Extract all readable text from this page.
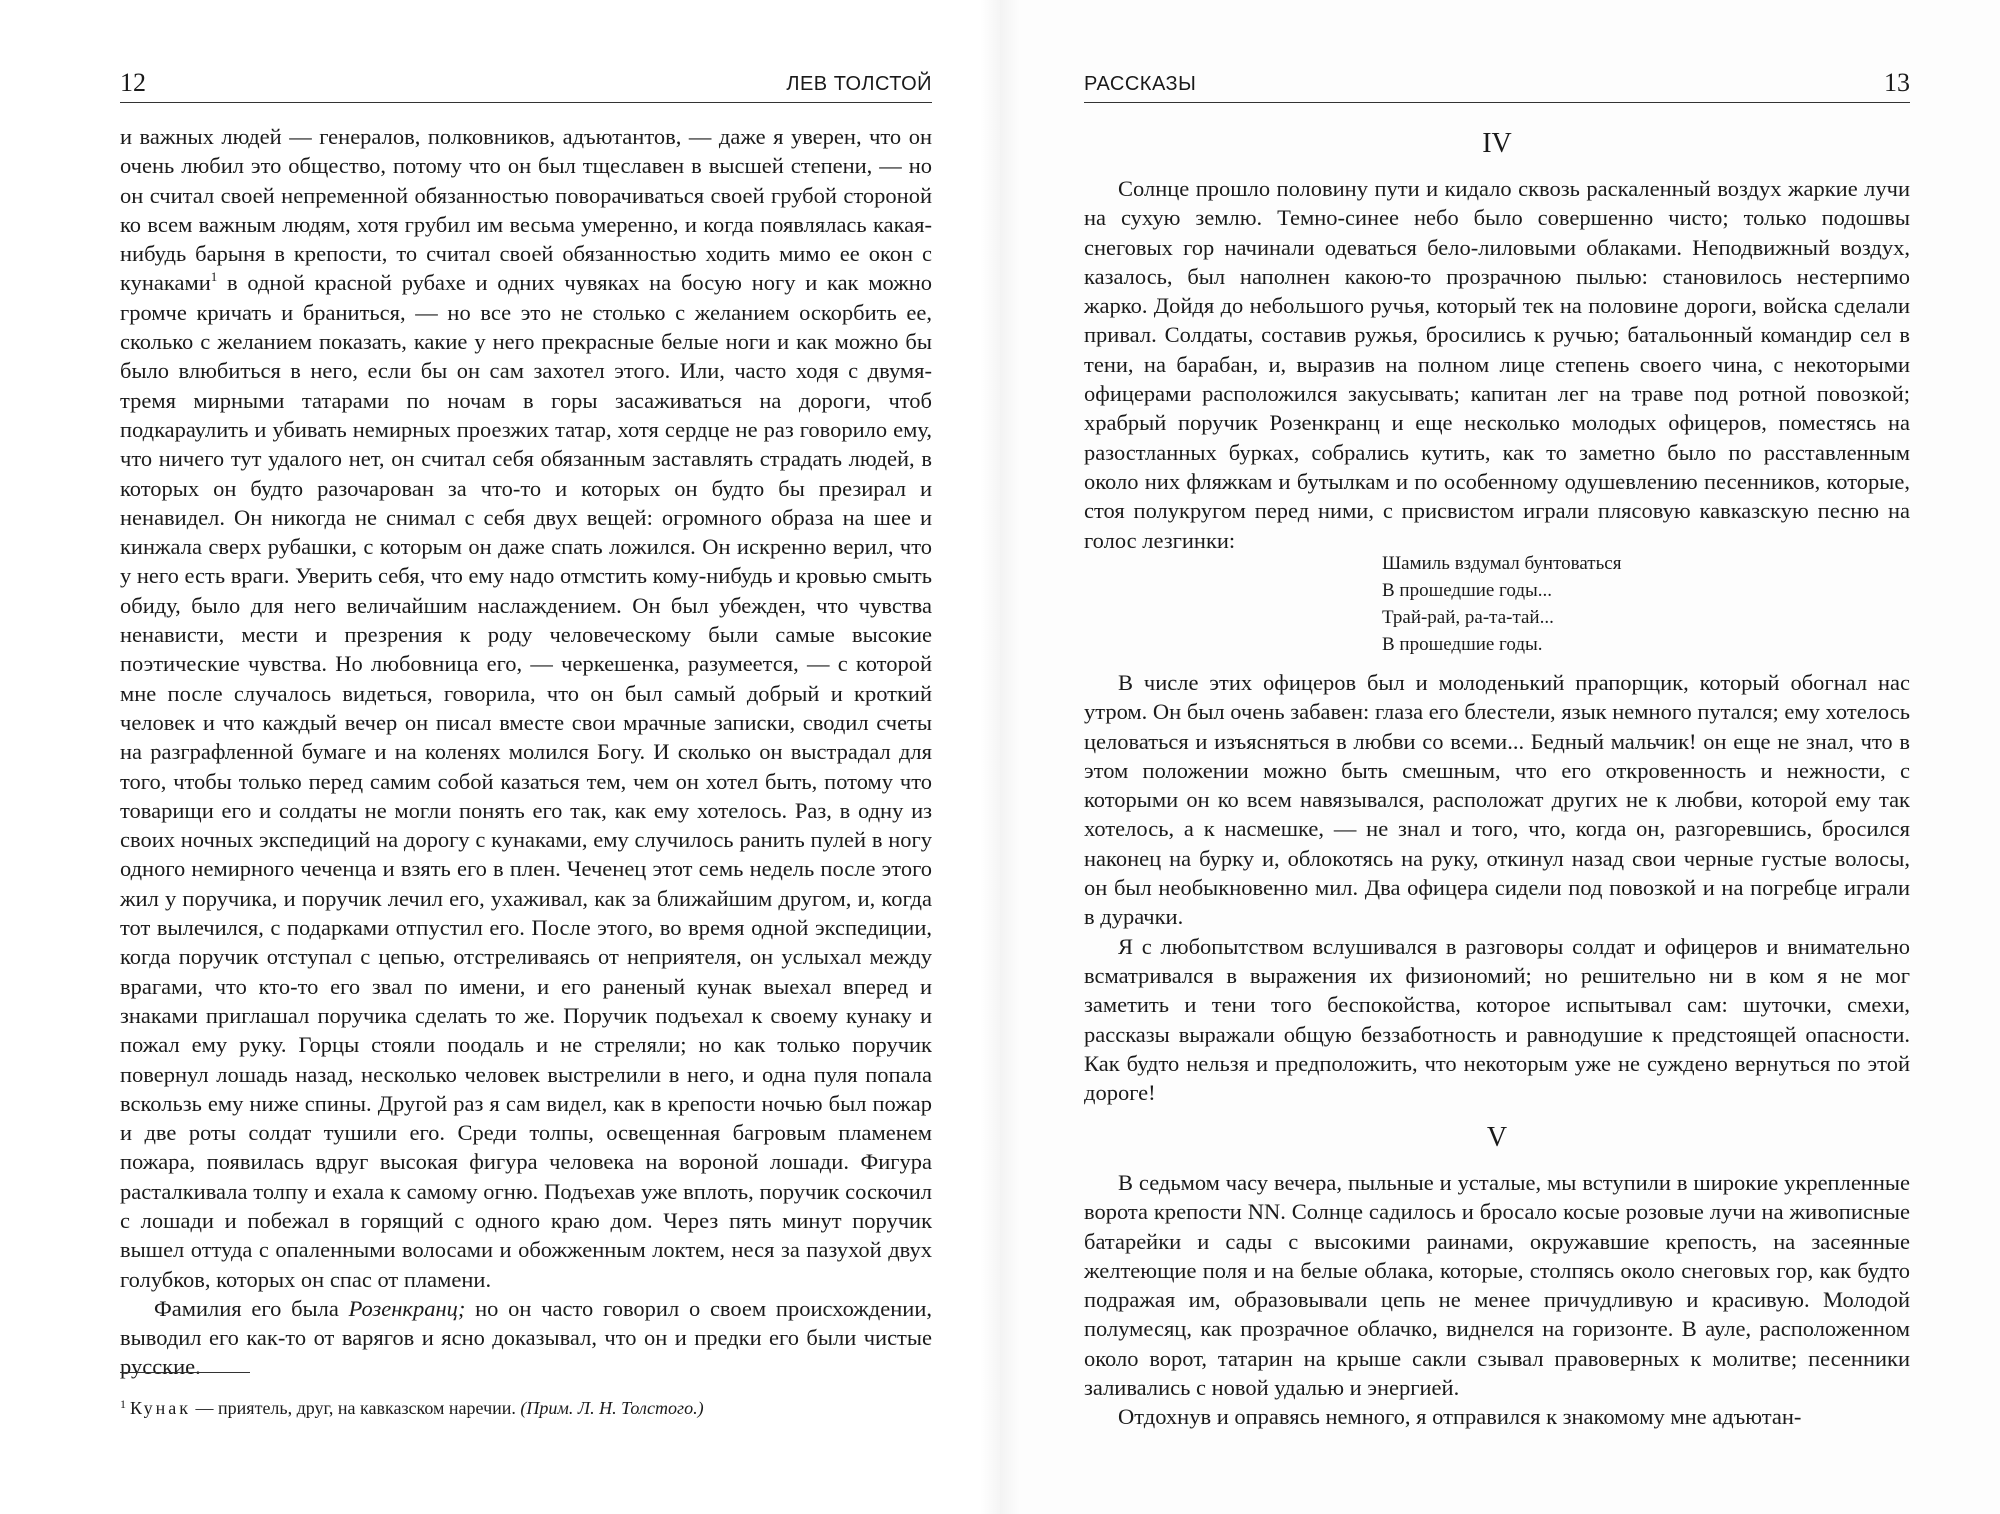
12	ЛЕВ ТОЛСТОЙ

и важных людей — генералов, полковников, адъютантов, — даже я уверен, что он очень любил это общество, потому что он был тщеславен в высшей степени, — но он считал своей непременной обязанностью поворачиваться своей грубой стороной ко всем важным людям, хотя грубил им весьма умеренно, и когда появлялась какая-нибудь барыня в крепости, то считал своей обязанностью ходить мимо ее окон с кунаками$^1$ в одной красной рубахе и одних чувяках на босую ногу и как можно громче кричать и браниться, — но все это не столько с желанием оскорбить ее, сколько с желанием показать, какие у него прекрасные белые ноги и как можно бы было влюбиться в него, если бы он сам захотел этого. Или, часто ходя с двумя-тремя мирными татарами по ночам в горы засаживаться на дороги, чтоб подкараулить и убивать немирных проезжих татар, хотя сердце не раз говорило ему, что ничего тут удалого нет, он считал себя обязанным заставлять страдать людей, в которых он будто разочарован за что-то и которых он будто бы презирал и ненавидел. Он никогда не снимал с себя двух вещей: огромного образа на шее и кинжала сверх рубашки, с которым он даже спать ложился. Он искренно верил, что у него есть враги. Уверить себя, что ему надо отмстить кому-нибудь и кровью смыть обиду, было для него величайшим наслаждением. Он был убежден, что чувства ненависти, мести и презрения к роду человеческому были самые высокие поэтические чувства. Но любовница его, — черкешенка, разумеется, — с которой мне после случалось видеться, говорила, что он был самый добрый и кроткий человек и что каждый вечер он писал вместе свои мрачные записки, сводил счеты на разграфленной бумаге и на коленях молился Богу. И сколько он выстрадал для того, чтобы только перед самим собой казаться тем, чем он хотел быть, потому что товарищи его и солдаты не могли понять его так, как ему хотелось. Раз, в одну из своих ночных экспедиций на дорогу с кунаками, ему случилось ранить пулей в ногу одного немирного чеченца и взять его в плен. Чеченец этот семь недель после этого жил у поручика, и поручик лечил его, ухаживал, как за ближайшим другом, и, когда тот вылечился, с подарками отпустил его. После этого, во время одной экспедиции, когда поручик отступал с цепью, отстреливаясь от неприятеля, он услыхал между врагами, что кто-то его звал по имени, и его раненый кунак выехал вперед и знаками приглашал поручика сделать то же. Поручик подъехал к своему кунаку и пожал ему руку. Горцы стояли поодаль и не стреляли; но как только поручик повернул лошадь назад, несколько человек выстрелили в него, и одна пуля попала вскользь ему ниже спины. Другой раз я сам видел, как в крепости ночью был пожар и две роты солдат тушили его. Среди толпы, освещенная багровым пламенем пожара, появилась вдруг высокая фигура человека на вороной лошади. Фигура расталкивала толпу и ехала к самому огню. Подъехав уже вплоть, поручик соскочил с лошади и побежал в горящий с одного краю дом. Через пять минут поручик вышел оттуда с опаленными волосами и обожженным локтем, неся за пазухой двух голубков, которых он спас от пламени.

Фамилия его была Розенкранц; но он часто говорил о своем происхождении, выводил его как-то от варягов и ясно доказывал, что он и предки его были чистые русские.

$^1$ Кунак — приятель, друг, на кавказском наречии. (Прим. Л. Н. Толстого.)
РАССКАЗЫ	13
IV

Солнце прошло половину пути и кидало сквозь раскаленный воздух жаркие лучи на сухую землю. Темно-синее небо было совершенно чисто; только подошвы снеговых гор начинали одеваться бело-лиловыми облаками. Неподвижный воздух, казалось, был наполнен какою-то прозрачною пылью: становилось нестерпимо жарко. Дойдя до небольшого ручья, который тек на половине дороги, войска сделали привал. Солдаты, составив ружья, бросились к ручью; батальонный командир сел в тени, на барабан, и, выразив на полном лице степень своего чина, с некоторыми офицерами расположился закусывать; капитан лег на траве под ротной повозкой; храбрый поручик Розенкранц и еще несколько молодых офицеров, поместясь на разостланных бурках, собрались кутить, как то заметно было по расставленным около них фляжкам и бутылкам и по особенному одушевлению песенников, которые, стоя полукругом перед ними, с присвистом играли плясовую кавказскую песню на голос лезгинки:

Шамиль вздумал бунтоваться
В прошедшие годы...
Трай-рай, ра-та-тай...
В прошедшие годы.

В числе этих офицеров был и молоденький прапорщик, который обогнал нас утром. Он был очень забавен: глаза его блестели, язык немного путался; ему хотелось целоваться и изъясняться в любви со всеми... Бедный мальчик! он еще не знал, что в этом положении можно быть смешным, что его откровенность и нежности, с которыми он ко всем навязывался, расположат других не к любви, которой ему так хотелось, а к насмешке, — не знал и того, что, когда он, разгоревшись, бросился наконец на бурку и, облокотясь на руку, откинул назад свои черные густые волосы, он был необыкновенно мил. Два офицера сидели под повозкой и на погребце играли в дурачки.

Я с любопытством вслушивался в разговоры солдат и офицеров и внимательно всматривался в выражения их физиономий; но решительно ни в ком я не мог заметить и тени того беспокойства, которое испытывал сам: шуточки, смехи, рассказы выражали общую беззаботность и равнодушие к предстоящей опасности. Как будто нельзя и предположить, что некоторым уже не суждено вернуться по этой дороге!

V

В седьмом часу вечера, пыльные и усталые, мы вступили в широкие укрепленные ворота крепости NN. Солнце садилось и бросало косые розовые лучи на живописные батарейки и сады с высокими раинами, окружавшие крепость, на засеянные желтеющие поля и на белые облака, которые, столпясь около снеговых гор, как будто подражая им, образовывали цепь не менее причудливую и красивую. Молодой полумесяц, как прозрачное облачко, виднелся на горизонте. В ауле, расположенном около ворот, татарин на крыше сакли сзывал правоверных к молитве; песенники заливались с новой удалью и энергией.

Отдохнув и оправясь немного, я отправился к знакомому мне адъютан-
